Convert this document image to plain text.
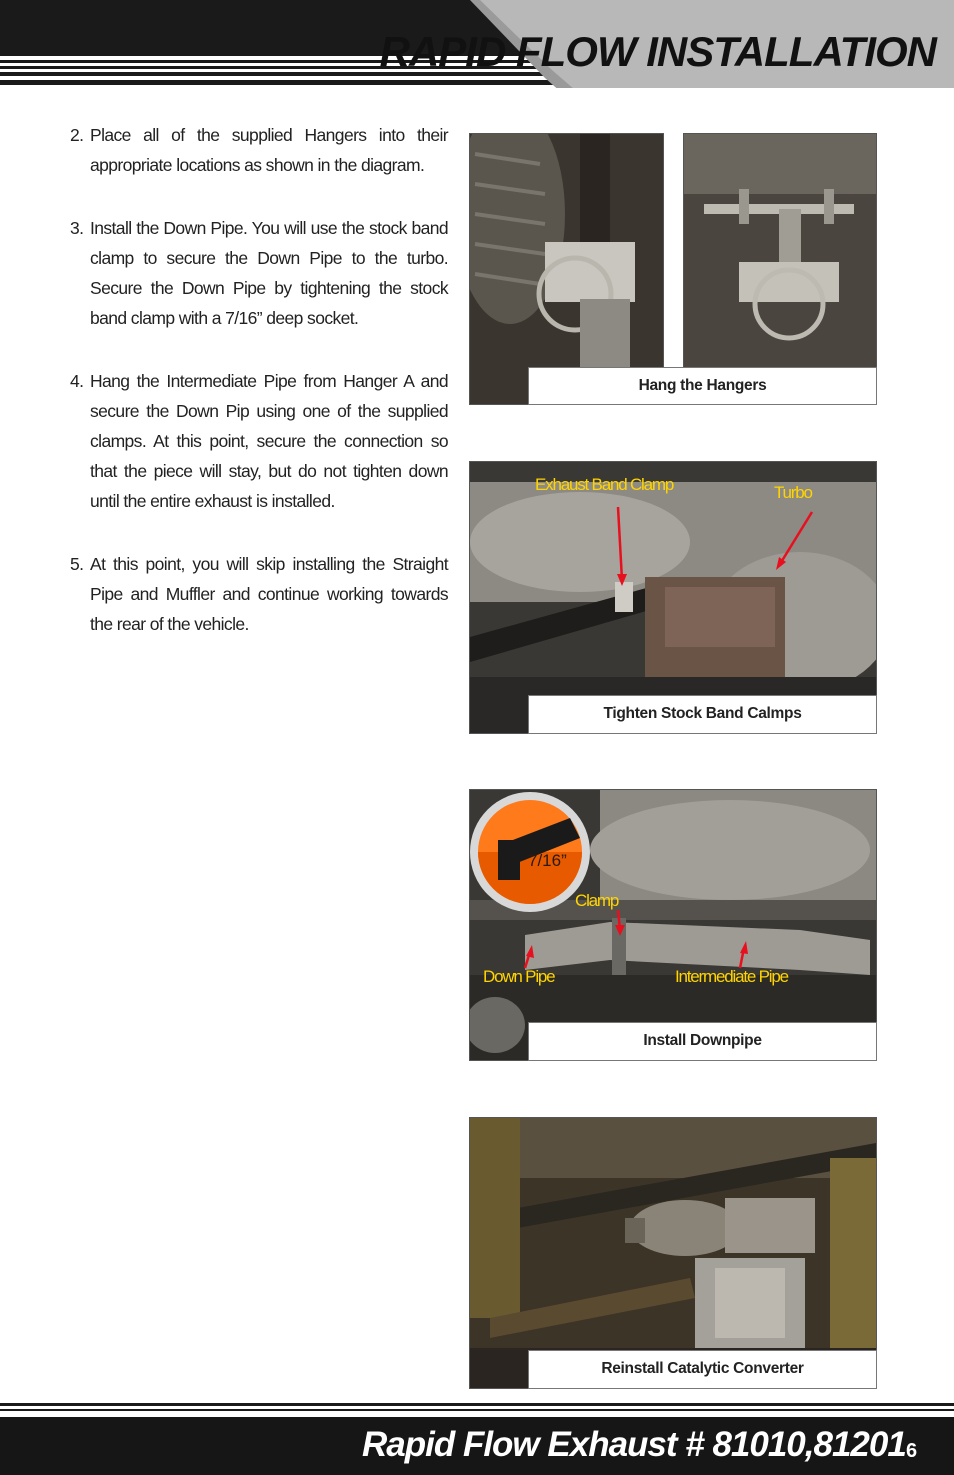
RAPID FLOW INSTALLATION
2. Place all of the supplied Hangers into their appropriate locations as shown in the diagram.
3. Install the Down Pipe. You will use the stock band clamp to secure the Down Pipe to the turbo. Secure the Down Pipe by tightening the stock band clamp with a 7/16” deep socket.
4. Hang the Intermediate Pipe from Hanger A and secure the Down Pip using one of the supplied clamps. At this point, secure the connection so that the piece will stay, but do not tighten down until the entire exhaust is installed.
5. At this point, you will skip installing the Straight Pipe and Muffler and continue working towards the rear of the vehicle.
Hang the Hangers
Exhaust Band Clamp	Turbo
Tighten Stock Band Calmps
7/16”
Clamp
Down Pipe	Intermediate Pipe
Install Downpipe
Reinstall Catalytic Converter
Rapid Flow Exhaust # 81010,81201 6
